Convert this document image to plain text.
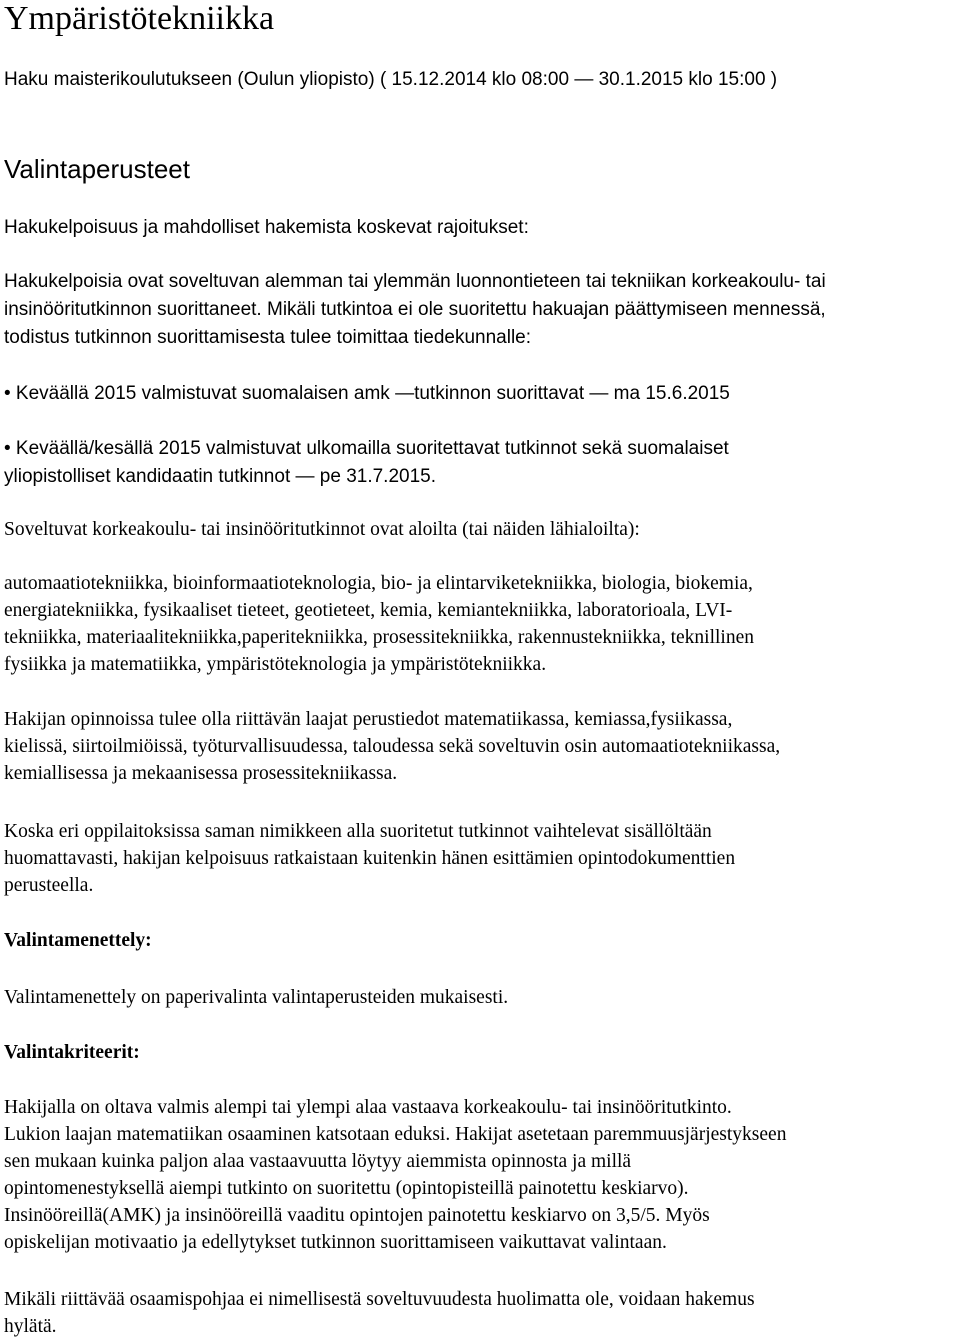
Ympäristötekniikka
Haku maisterikoulutukseen (Oulun yliopisto) ( 15.12.2014 klo 08:00 — 30.1.2015 klo 15:00 )
Valintaperusteet
Hakukelpoisuus ja mahdolliset hakemista koskevat rajoitukset:
Hakukelpoisia ovat soveltuvan alemman tai ylemmän luonnontieteen tai tekniikan korkeakoulu- tai
insinööritutkinnon suorittaneet. Mikäli tutkintoa ei ole suoritettu hakuajan päättymiseen mennessä,
todistus tutkinnon suorittamisesta tulee toimittaa tiedekunnalle:
• Keväällä 2015 valmistuvat suomalaisen amk —tutkinnon suorittavat — ma 15.6.2015
• Keväällä/kesällä 2015 valmistuvat ulkomailla suoritettavat tutkinnot sekä suomalaiset
yliopistolliset kandidaatin tutkinnot — pe 31.7.2015.
Soveltuvat korkeakoulu- tai insinööritutkinnot ovat aloilta (tai näiden lähialoilta):
automaatiotekniikka, bioinformaatioteknologia, bio- ja elintarviketekniikka, biologia, biokemia,
energiatekniikka, fysikaaliset tieteet, geotieteet, kemia, kemiantekniikka, laboratorioala, LVI-
tekniikka, materiaalitekniikka,paperitekniikka, prosessitekniikka, rakennustekniikka, teknillinen
fysiikka ja matematiikka, ympäristöteknologia ja ympäristötekniikka.
Hakijan opinnoissa tulee olla riittävän laajat perustiedot matematiikassa, kemiassa,fysiikassa,
kielissä, siirtoilmiöissä, työturvallisuudessa, taloudessa sekä soveltuvin osin automaatiotekniikassa,
kemiallisessa ja mekaanisessa prosessitekniikassa.
Koska eri oppilaitoksissa saman nimikkeen alla suoritetut tutkinnot vaihtelevat sisällöltään
huomattavasti, hakijan kelpoisuus ratkaistaan kuitenkin hänen esittämien opintodokumenttien
perusteella.
Valintamenettely:
Valintamenettely on paperivalinta valintaperusteiden mukaisesti.
Valintakriteerit:
Hakijalla on oltava valmis alempi tai ylempi alaa vastaava korkeakoulu- tai insinööritutkinto.
Lukion laajan matematiikan osaaminen katsotaan eduksi. Hakijat asetetaan paremmuusjärjestykseen
sen mukaan kuinka paljon alaa vastaavuutta löytyy aiemmista opinnosta ja millä
opintomenestyksellä aiempi tutkinto on suoritettu (opintopisteillä painotettu keskiarvo).
Insinööreillä(AMK) ja insinööreillä vaaditu opintojen painotettu keskiarvo on 3,5/5. Myös
opiskelijan motivaatio ja edellytykset tutkinnon suorittamiseen vaikuttavat valintaan.
Mikäli riittävää osaamispohjaa ei nimellisestä soveltuvuudesta huolimatta ole, voidaan hakemus
hylätä.
